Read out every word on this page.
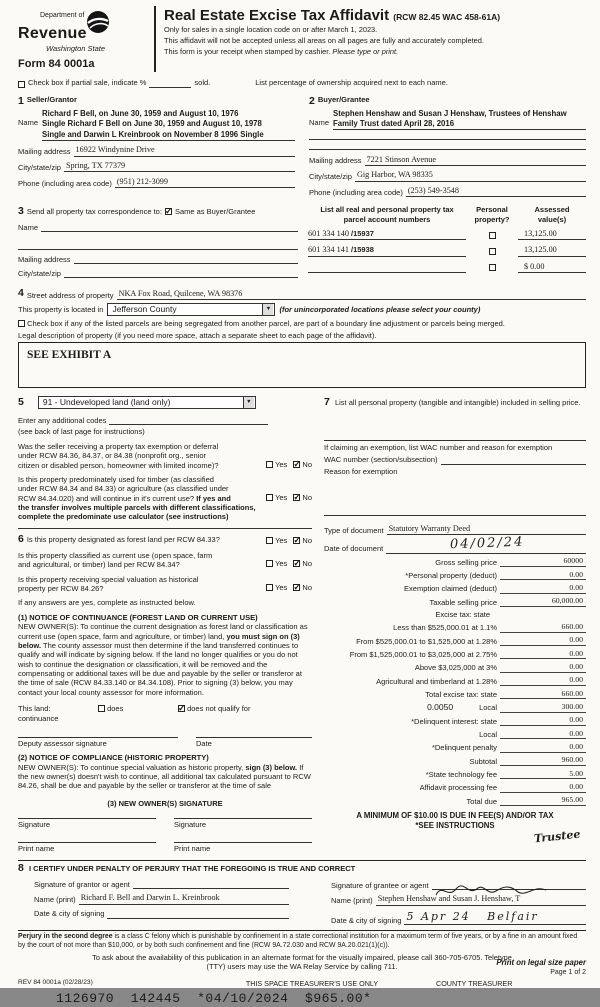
Department of
Revenue
Washington State
Form 84 0001a
Real Estate Excise Tax Affidavit (RCW 82.45 WAC 458-61A)
Only for sales in a single location code on or after March 1, 2023.
This affidavit will not be accepted unless all areas on all pages are fully and accurately completed.
This form is your receipt when stamped by cashier. Please type or print.
Check box if partial sale, indicate %	sold.	List percentage of ownership acquired next to each name.
1 Seller/Grantor
Name
Richard F Bell, on June 30, 1959 and August 10, 1976
Single Richard F Bell on June 30, 1959 and August 10, 1978
Single and Darwin L Kreinbrook on November 8 1996 Single
Mailing address 16922 Windynine Drive
City/state/zip Spring, TX 77379
Phone (including area code) (951) 212-3099
2 Buyer/Grantee
Name
Stephen Henshaw and Susan J Henshaw, Trustees of Henshaw
Family Trust dated April 28, 2016
Mailing address 7221 Stinson Avenue
City/state/zip Gig Harbor, WA 98335
Phone (including area code) (253) 549-3548
3 Send all property tax correspondence to: ✓ Same as Buyer/Grantee
Name
Mailing address
City/state/zip
List all real and personal property tax
parcel account numbers
Personal
property?
Assessed
value(s)
601 334 140 /15937	13,125.00
601 334 141 /15938	13,125.00
$ 0.00
4 Street address of property NKA Fox Road, Quilcene, WA 98376
This property is located in	Jefferson County	▼	(for unincorporated locations please select your county)
Check box if any of the listed parcels are being segregated from another parcel, are part of a boundary line adjustment or parcels being merged.
Legal description of property (if you need more space, attach a separate sheet to each page of the affidavit).
SEE EXHIBIT A
5	91 - Undeveloped land (land only)	▼
Enter any additional codes
(see back of last page for instructions)
Was the seller receiving a property tax exemption or deferral
under RCW 84.36, 84.37, or 84.38 (nonprofit org., senior
citizen or disabled person, homeowner with limited income)?	Yes ✓ No
Is this property predominately used for timber (as classified
under RCW 84.34 and 84.33) or agriculture (as classified under
RCW 84.34.020) and will continue in it's current use? If yes and
the transfer involves multiple parcels with different classifications,
complete the predominate use calculator (see instructions)
Yes ✓ No
6 Is this property designated as forest land per RCW 84.33?	Yes ✓ No
Is this property classified as current use (open space, farm
and agricultural, or timber) land per RCW 84.34?	Yes ✓ No
Is this property receiving special valuation as historical
property per RCW 84.26?	Yes ✓ No
If any answers are yes, complete as instructed below.
(1) NOTICE OF CONTINUANCE (FOREST LAND OR CURRENT USE)
NEW OWNER(S): To continue the current designation as forest land or classification as current use (open space, farm and agriculture, or timber) land, you must sign on (3) below. The county assessor must then determine if the land transferred continues to qualify and will indicate by signing below. If the land no longer qualifies or you do not wish to continue the designation or classification, it will be removed and the compensating or additional taxes will be due and payable by the seller or transferor at the time of sale (RCW 84.33.140 or 84.34.108). Prior to signing (3) below, you may contact your local county assessor for more information.
This land:
continuance
does ✓	does not qualify for
Deputy assessor signature	Date
(2) NOTICE OF COMPLIANCE (HISTORIC PROPERTY)
NEW OWNER(S): To continue special valuation as historic property, sign (3) below. If the new owner(s) doesn't wish to continue, all additional tax calculated pursuant to RCW 84.26, shall be due and payable by the seller or transferor at the time of sale
(3) NEW OWNER(S) SIGNATURE
Signature	Signature
Print name	Print name
7 List all personal property (tangible and intangible) included in selling price.
If claiming an exemption, list WAC number and reason for exemption
WAC number (section/subsection)
Reason for exemption
Type of document Statutory Warranty Deed
Date of document	04/02/24
Gross selling price	60000
*Personal property (deduct)	0.00
Exemption claimed (deduct)	0.00
Taxable selling price	60,000.00
Excise tax: state
Less than $525,000.01 at 1.1%	660.00
From $525,000.01 to $1,525,000 at 1.28%	0.00
From $1,525,000.01 to $3,025,000 at 2.75%	0.00
Above $3,025,000 at 3%	0.00
Agricultural and timberland at 1.28%	0.00
Total excise tax: state	660.00
0.0050	Local	300.00
*Delinquent interest: state	0.00
Local	0.00
*Delinquent penalty	0.00
Subtotal	960.00
*State technology fee	5.00
Affidavit processing fee	0.00
Total due	965.00
A MINIMUM OF $10.00 IS DUE IN FEE(S) AND/OR TAX
*SEE INSTRUCTIONS
Trustee
8 I CERTIFY UNDER PENALTY OF PERJURY THAT THE FOREGOING IS TRUE AND CORRECT
Signature of grantor or agent
Name (print) Richard F. Bell and Darwin L. Kreinbrook
Date & city of signing
Signature of grantee or agent
Name (print) Stephen Henshaw and Susan J. Henshaw, T
Date & city of signing 5 Apr 24   Belfair
Perjury in the second degree is a class C felony which is punishable by confinement in a state correctional institution for a maximum term of five years, or by a fine in an amount fixed by the court of not more than $10,000, or by both such confinement and fine (RCW 9A.72.030 and RCW 9A.20.021(1)(c)).
To ask about the availability of this publication in an alternate format for the visually impaired, please call 360-705-6705. Teletype
(TTY) users may use the WA Relay Service by calling 711.
REV 84 0001a (02/28/23)	THIS SPACE TREASURER'S USE ONLY	COUNTY TREASURER
1126970  142445  *04/10/2024  $965.00*
Print on legal size paper
Page 1 of 2
